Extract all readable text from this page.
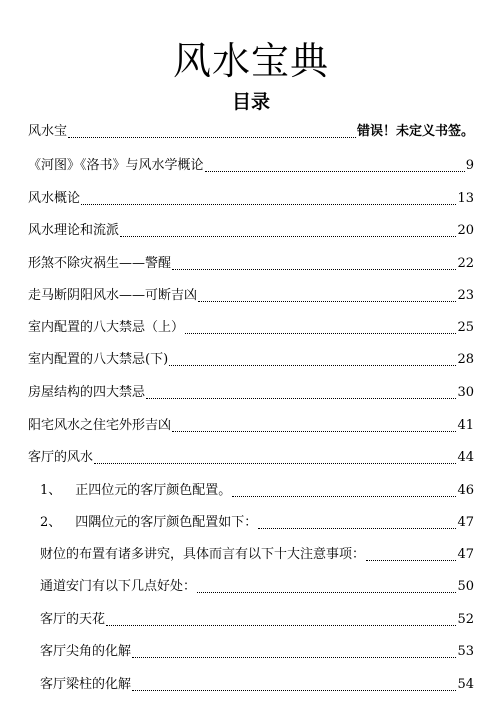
风水宝典
目录
风水宝	错误！未定义书签。
《河图》《洛书》与风水学概论	9
风水概论	13
风水理论和流派	20
形煞不除灾祸生——警醒	22
走马断阴阳风水——可断吉凶	23
室内配置的八大禁忌（上）	25
室内配置的八大禁忌(下)	28
房屋结构的四大禁忌	30
阳宅风水之住宅外形吉凶	41
客厅的风水	44
1、 正四位元的客厅颜色配置。	46
2、 四隅位元的客厅颜色配置如下：	47
财位的布置有诸多讲究，具体而言有以下十大注意事项：	47
通道安门有以下几点好处：	50
客厅的天花	52
客厅尖角的化解	53
客厅梁柱的化解	54
